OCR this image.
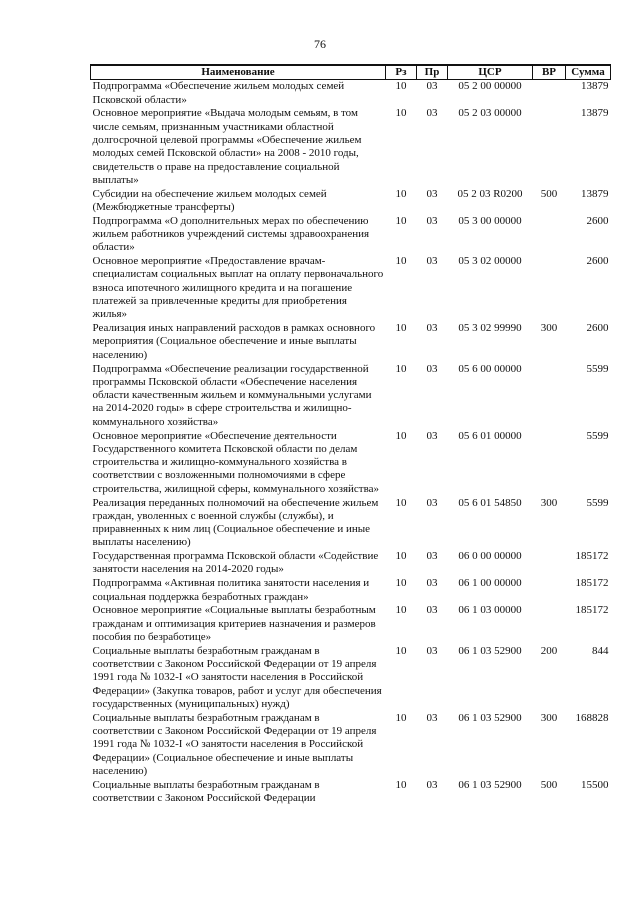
76
Наименование	Рз	Пр	ЦСР	ВР	Сумма
Подпрограмма «Обеспечение жильем молодых семей Псковской области»	10	03	05 2 00 00000		13879
Основное мероприятие «Выдача молодым семьям, в том числе семьям, признанным участниками областной долгосрочной целевой программы «Обеспечение жильем молодых семей Псковской области» на 2008 - 2010 годы, свидетельств о праве на предоставление социальной выплаты»	10	03	05 2 03 00000		13879
Субсидии на обеспечение жильем молодых семей (Межбюджетные трансферты)	10	03	05 2 03 R0200	500	13879
Подпрограмма «О дополнительных мерах по обеспечению жильем работников учреждений системы здравоохранения области»	10	03	05 3 00 00000		2600
Основное мероприятие «Предоставление врачам-специалистам социальных выплат на оплату первоначального взноса ипотечного жилищного кредита и на погашение платежей за привлеченные кредиты для приобретения жилья»	10	03	05 3 02 00000		2600
Реализация иных направлений расходов в рамках основного мероприятия (Социальное обеспечение и иные выплаты населению)	10	03	05 3 02 99990	300	2600
Подпрограмма «Обеспечение реализации государственной программы Псковской области «Обеспечение населения области качественным жильем и коммунальными услугами на 2014-2020 годы» в сфере строительства и жилищно-коммунального хозяйства»	10	03	05 6 00 00000		5599
Основное мероприятие «Обеспечение деятельности Государственного комитета Псковской области по делам строительства и жилищно-коммунального хозяйства в соответствии с возложенными полномочиями в сфере строительства, жилищной сферы, коммунального хозяйства»	10	03	05 6 01 00000		5599
Реализация переданных полномочий на обеспечение жильем граждан, уволенных с военной службы (службы), и приравненных к ним лиц (Социальное обеспечение и иные выплаты населению)	10	03	05 6 01 54850	300	5599
Государственная программа Псковской области «Содействие занятости населения на 2014-2020 годы»	10	03	06 0 00 00000		185172
Подпрограмма «Активная политика занятости населения и социальная поддержка безработных граждан»	10	03	06 1 00 00000		185172
Основное мероприятие «Социальные выплаты безработным гражданам и оптимизация критериев назначения и размеров пособия по безработице»	10	03	06 1 03 00000		185172
Социальные выплаты безработным гражданам в соответствии с Законом Российской Федерации от 19 апреля 1991 года № 1032-I «О занятости населения в Российской Федерации» (Закупка товаров, работ и услуг для обеспечения государственных (муниципальных) нужд)	10	03	06 1 03 52900	200	844
Социальные выплаты безработным гражданам в соответствии с Законом Российской Федерации от 19 апреля 1991 года № 1032-I «О занятости населения в Российской Федерации» (Социальное обеспечение и иные выплаты населению)	10	03	06 1 03 52900	300	168828
Социальные выплаты безработным гражданам в соответствии с Законом Российской Федерации	10	03	06 1 03 52900	500	15500
